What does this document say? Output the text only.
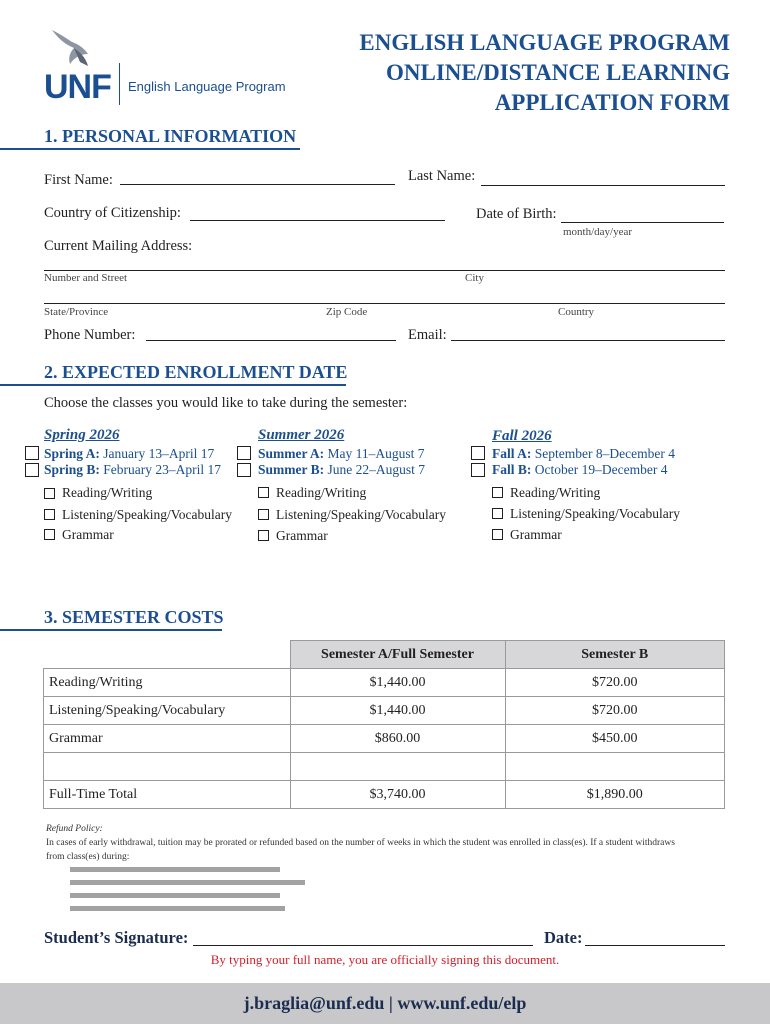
UNF English Language Program
ENGLISH LANGUAGE PROGRAM
ONLINE/DISTANCE LEARNING
APPLICATION FORM
1. PERSONAL INFORMATION
First Name:	Last Name:
Country of Citizenship:	Date of Birth:
month/day/year
Current Mailing Address:
Number and Street	City
State/Province	Zip Code	Country
Phone Number:	Email:
2. EXPECTED ENROLLMENT DATE
Choose the classes you would like to take during the semester:
Spring 2026
Spring A: January 13–April 17
Spring B: February 23–April 17
Reading/Writing
Listening/Speaking/Vocabulary
Grammar
Summer 2026
Summer A: May 11–August 7
Summer B: June 22–August 7
Reading/Writing
Listening/Speaking/Vocabulary
Grammar
Fall 2026
Fall A: September 8–December 4
Fall B: October 19–December 4
Reading/Writing
Listening/Speaking/Vocabulary
Grammar
3. SEMESTER COSTS
	Semester A/Full Semester	Semester B
Reading/Writing	$1,440.00	$720.00
Listening/Speaking/Vocabulary	$1,440.00	$720.00
Grammar	$860.00	$450.00

Full-Time Total	$3,740.00	$1,890.00
Refund Policy:
In cases of early withdrawal, tuition may be prorated or refunded based on the number of weeks in which the student was enrolled in class(es). If a student withdraws
from class(es) during:
Student’s Signature:	Date:
By typing your full name, you are officially signing this document.
j.braglia@unf.edu | www.unf.edu/elp
